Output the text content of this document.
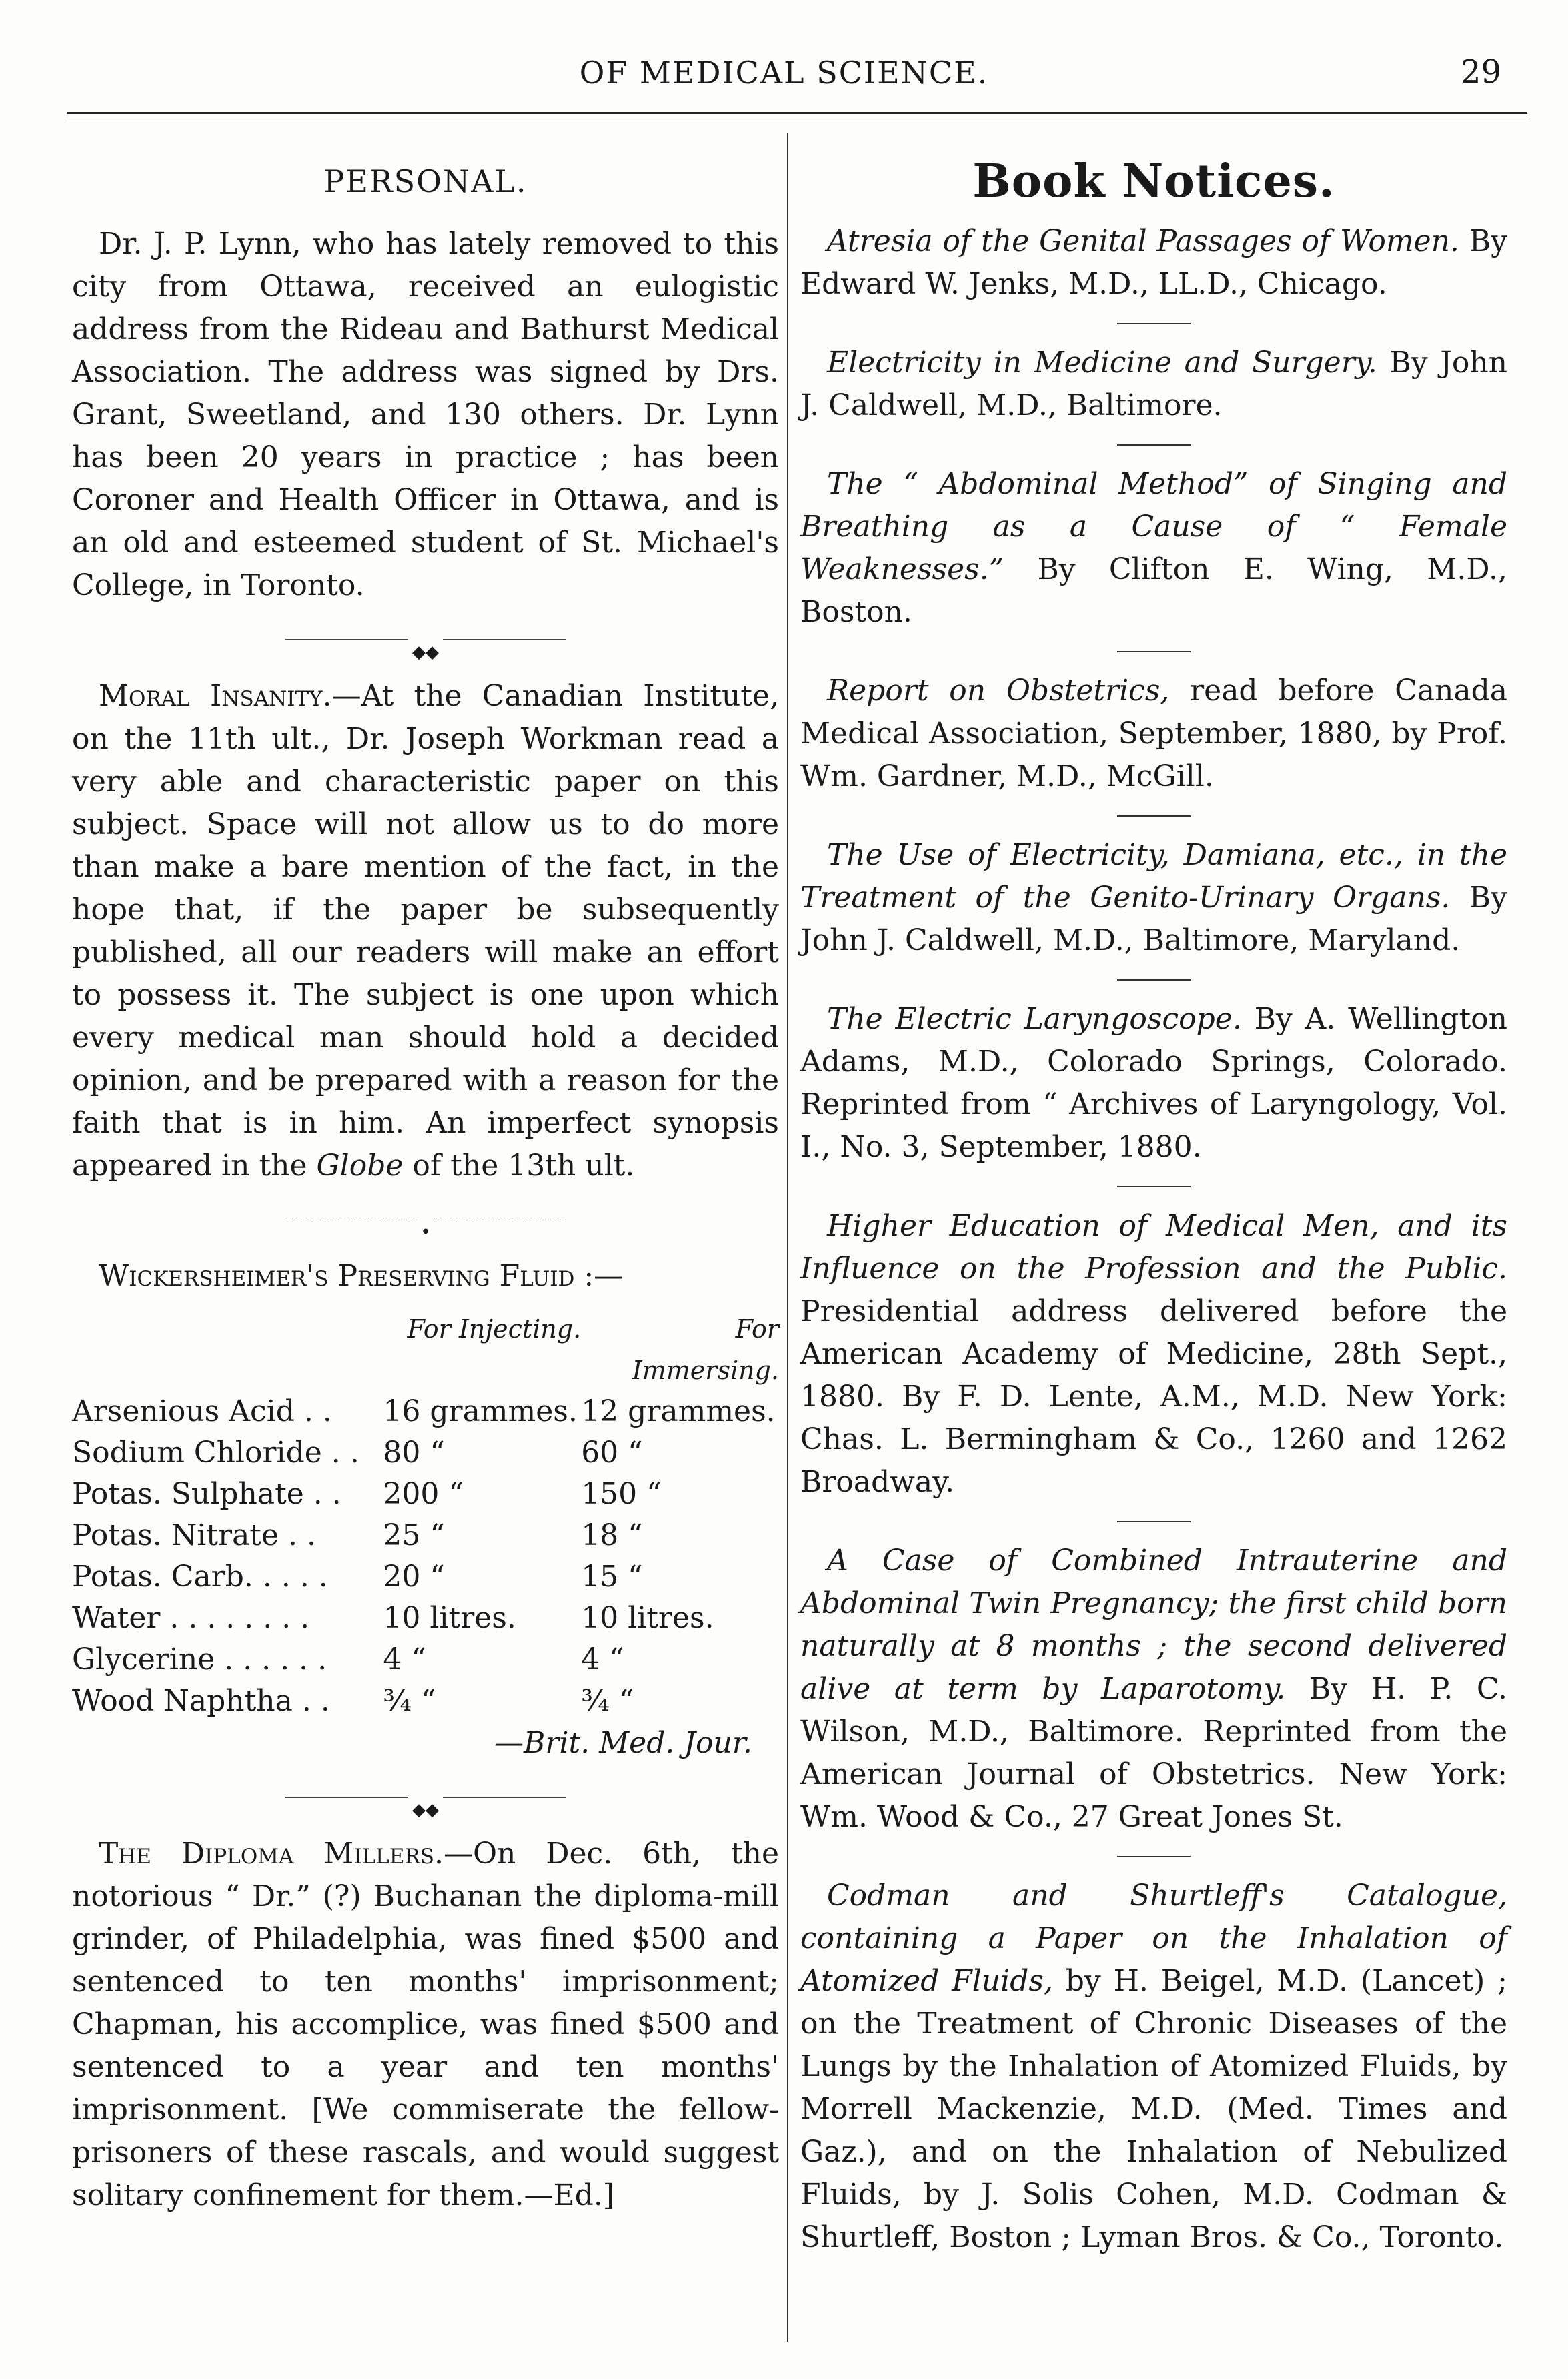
OF MEDICAL SCIENCE.	29
PERSONAL.

Dr. J. P. Lynn, who has lately removed to this city from Ottawa, received an eulogistic address from the Rideau and Bathurst Medical Association. The address was signed by Drs. Grant, Sweetland, and 130 others. Dr. Lynn has been 20 years in practice ; has been Coroner and Health Officer in Ottawa, and is an old and esteemed student of St. Michael's College, in Toronto.

◆◆

Moral Insanity.—At the Canadian Institute, on the 11th ult., Dr. Joseph Workman read a very able and characteristic paper on this subject. Space will not allow us to do more than make a bare mention of the fact, in the hope that, if the paper be subsequently published, all our readers will make an effort to possess it. The subject is one upon which every medical man should hold a decided opinion, and be prepared with a reason for the faith that is in him. An imperfect synopsis appeared in the Globe of the 13th ult.

•

Wickersheimer's Preserving Fluid :—

	For Injecting.	For Immersing.
Arsenious Acid . .	16 grammes.	12 grammes.
Sodium Chloride . .	80 “	60 “
Potas. Sulphate . .	200 “	150 “
Potas. Nitrate . .	25 “	18 “
Potas. Carb. . . . .	20 “	15 “
Water . . . . . . . .	10 litres.	10 litres.
Glycerine . . . . . .	4 “	4 “
Wood Naphtha . .	¾ “	¾ “

—Brit. Med. Jour.

◆◆

The Diploma Millers.—On Dec. 6th, the notorious “ Dr.” (?) Buchanan the diploma-mill grinder, of Philadelphia, was fined $500 and sentenced to ten months' imprisonment; Chapman, his accomplice, was fined $500 and sentenced to a year and ten months' imprisonment. [We commiserate the fellow-prisoners of these rascals, and would suggest solitary confinement for them.—Ed.]

Book Notices.

Atresia of the Genital Passages of Women. By Edward W. Jenks, M.D., LL.D., Chicago.

Electricity in Medicine and Surgery. By John J. Caldwell, M.D., Baltimore.

The “ Abdominal Method” of Singing and Breathing as a Cause of “ Female Weaknesses.” By Clifton E. Wing, M.D., Boston.

Report on Obstetrics, read before Canada Medical Association, September, 1880, by Prof. Wm. Gardner, M.D., McGill.

The Use of Electricity, Damiana, etc., in the Treatment of the Genito-Urinary Organs. By John J. Caldwell, M.D., Baltimore, Maryland.

The Electric Laryngoscope. By A. Wellington Adams, M.D., Colorado Springs, Colorado. Reprinted from “ Archives of Laryngology, Vol. I., No. 3, September, 1880.

Higher Education of Medical Men, and its Influence on the Profession and the Public. Presidential address delivered before the American Academy of Medicine, 28th Sept., 1880. By F. D. Lente, A.M., M.D. New York: Chas. L. Bermingham & Co., 1260 and 1262 Broadway.

A Case of Combined Intrauterine and Abdominal Twin Pregnancy; the first child born naturally at 8 months ; the second delivered alive at term by Laparotomy. By H. P. C. Wilson, M.D., Baltimore. Reprinted from the American Journal of Obstetrics. New York: Wm. Wood & Co., 27 Great Jones St.

Codman and Shurtleff's Catalogue, containing a Paper on the Inhalation of Atomized Fluids, by H. Beigel, M.D. (Lancet) ; on the Treatment of Chronic Diseases of the Lungs by the Inhalation of Atomized Fluids, by Morrell Mackenzie, M.D. (Med. Times and Gaz.), and on the Inhalation of Nebulized Fluids, by J. Solis Cohen, M.D. Codman & Shurtleff, Boston ; Lyman Bros. & Co., Toronto.
